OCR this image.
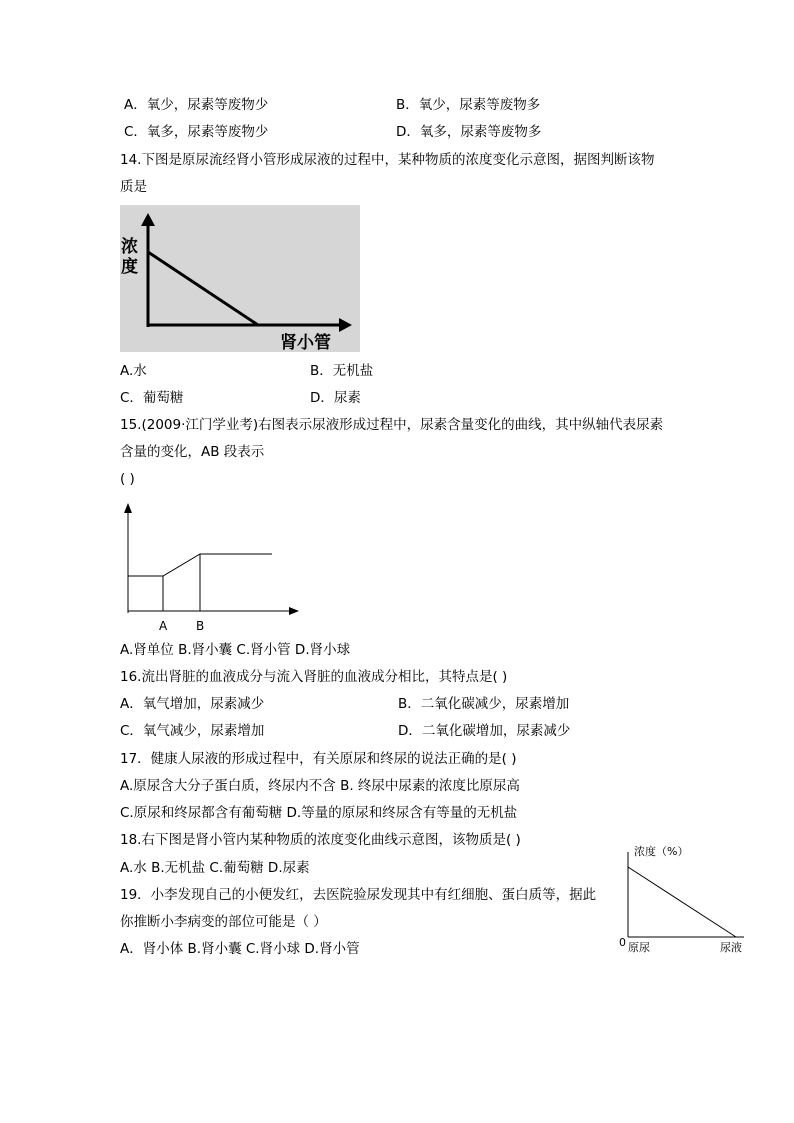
A．氧少，尿素等废物少	B．氧少，尿素等废物多
C．氧多，尿素等废物少	D．氧多，尿素等废物多
14.下图是原尿流经肾小管形成尿液的过程中，某种物质的浓度变化示意图，据图判断该物
质是
浓
度
肾小管
A.水	B．无机盐
C．葡萄糖	D．尿素
15.(2009·江门学业考)右图表示尿液形成过程中，尿素含量变化的曲线，其中纵轴代表尿素
含量的变化，AB 段表示
( )
A B
A.肾单位 B.肾小囊 C.肾小管 D.肾小球
16.流出肾脏的血液成分与流入肾脏的血液成分相比，其特点是( )
A．氧气增加，尿素减少	B．二氧化碳减少，尿素增加
C．氧气减少，尿素增加	D．二氧化碳增加，尿素减少
17．健康人尿液的形成过程中，有关原尿和终尿的说法正确的是( )
A.原尿含大分子蛋白质，终尿内不含 B. 终尿中尿素的浓度比原尿高
C.原尿和终尿都含有葡萄糖 D.等量的原尿和终尿含有等量的无机盐
18.右下图是肾小管内某种物质的浓度变化曲线示意图，该物质是( )
A.水 B.无机盐 C.葡萄糖 D.尿素
浓度（%）
0 原尿	尿液
19．小李发现自己的小便发红，去医院验尿发现其中有红细胞、蛋白质等，据此
你推断小李病变的部位可能是（ ）
A．肾小体 B.肾小囊 C.肾小球 D.肾小管
